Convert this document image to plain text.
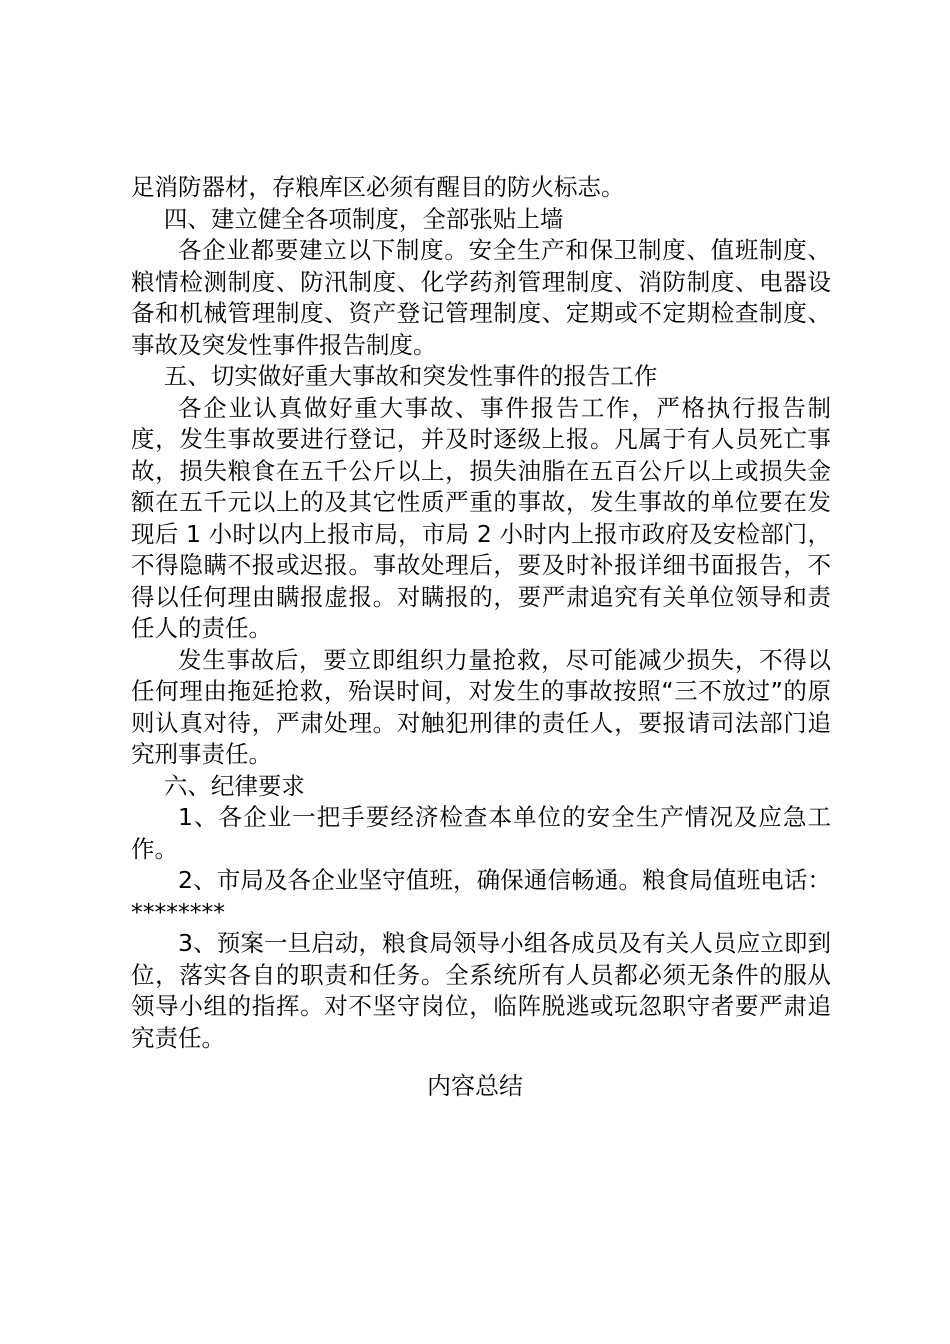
足消防器材，存粮库区必须有醒目的防火标志。

四、建立健全各项制度，全部张贴上墙

各企业都要建立以下制度。安全生产和保卫制度、值班制度、粮情检测制度、防汛制度、化学药剂管理制度、消防制度、电器设备和机械管理制度、资产登记管理制度、定期或不定期检查制度、事故及突发性事件报告制度。

五、切实做好重大事故和突发性事件的报告工作

各企业认真做好重大事故、事件报告工作，严格执行报告制度，发生事故要进行登记，并及时逐级上报。凡属于有人员死亡事故，损失粮食在五千公斤以上，损失油脂在五百公斤以上或损失金额在五千元以上的及其它性质严重的事故，发生事故的单位要在发现后 1 小时以内上报市局，市局 2 小时内上报市政府及安检部门，不得隐瞒不报或迟报。事故处理后，要及时补报详细书面报告，不得以任何理由瞒报虚报。对瞒报的，要严肃追究有关单位领导和责任人的责任。

发生事故后，要立即组织力量抢救，尽可能减少损失，不得以任何理由拖延抢救，殆误时间，对发生的事故按照“三不放过”的原则认真对待，严肃处理。对触犯刑律的责任人，要报请司法部门追究刑事责任。

六、纪律要求

1、各企业一把手要经济检查本单位的安全生产情况及应急工作。

2、市局及各企业坚守值班，确保通信畅通。粮食局值班电话：********

3、预案一旦启动，粮食局领导小组各成员及有关人员应立即到位，落实各自的职责和任务。全系统所有人员都必须无条件的服从领导小组的指挥。对不坚守岗位，临阵脱逃或玩忽职守者要严肃追究责任。

内容总结
